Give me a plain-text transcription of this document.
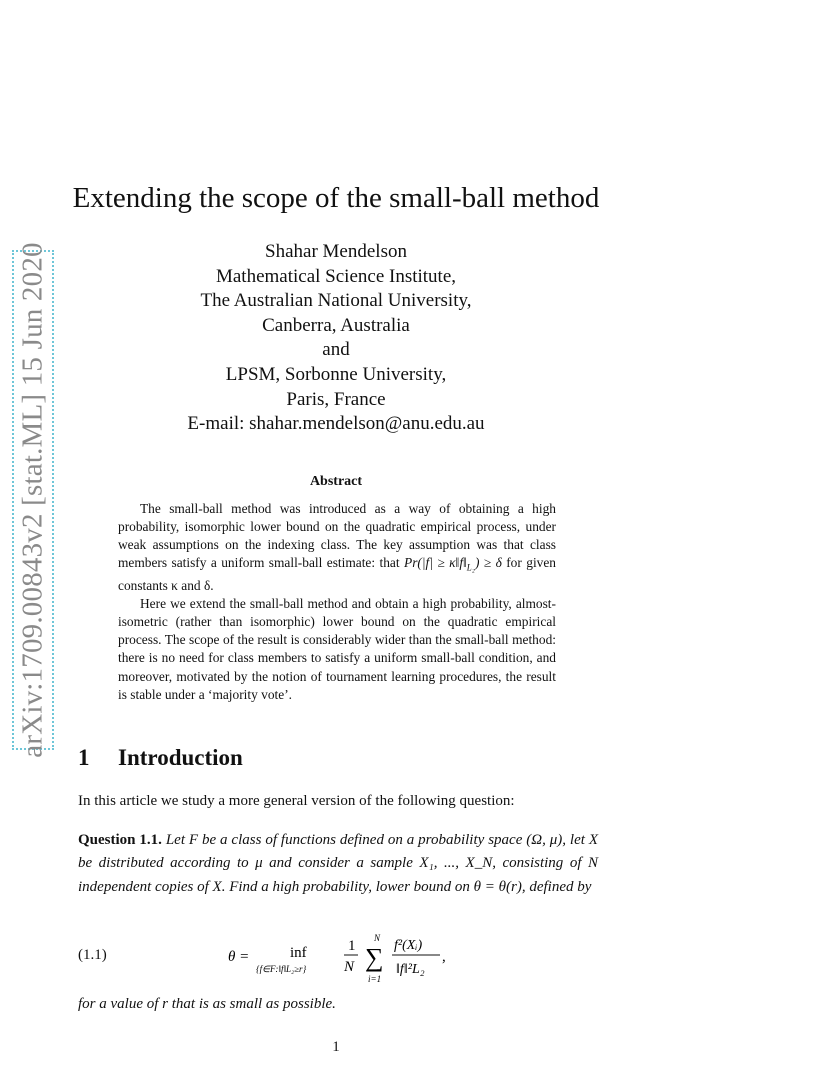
arXiv:1709.00843v2 [stat.ML] 15 Jun 2020
Extending the scope of the small-ball method
Shahar Mendelson
Mathematical Science Institute,
The Australian National University,
Canberra, Australia
and
LPSM, Sorbonne University,
Paris, France
E-mail: shahar.mendelson@anu.edu.au
Abstract

The small-ball method was introduced as a way of obtaining a high probability, isomorphic lower bound on the quadratic empirical process, under weak assumptions on the indexing class. The key assumption was that class members satisfy a uniform small-ball estimate: that $Pr(|f| \ge \kappa‖f‖_{L_2}) \ge \delta$ for given constants κ and δ.

Here we extend the small-ball method and obtain a high probability, almost-isometric (rather than isomorphic) lower bound on the quadratic empirical process. The scope of the result is considerably wider than the small-ball method: there is no need for class members to satisfy a uniform small-ball condition, and moreover, motivated by the notion of tournament learning procedures, the result is stable under a ‘majority vote’.

1 Introduction
In this article we study a more general version of the following question:
Question 1.1. Let F be a class of functions defined on a probability space (Ω, μ), let X be distributed according to μ and consider a sample X₁, ..., X_N, consisting of N independent copies of X. Find a high probability, lower bound on θ = θ(r), defined by
(1.1)	θ =	inf
{f∈F:‖f‖L₂≥r}
1
N
N
∑
i=1
f²(Xᵢ)
‖f‖²L₂
,
for a value of r that is as small as possible.
1
